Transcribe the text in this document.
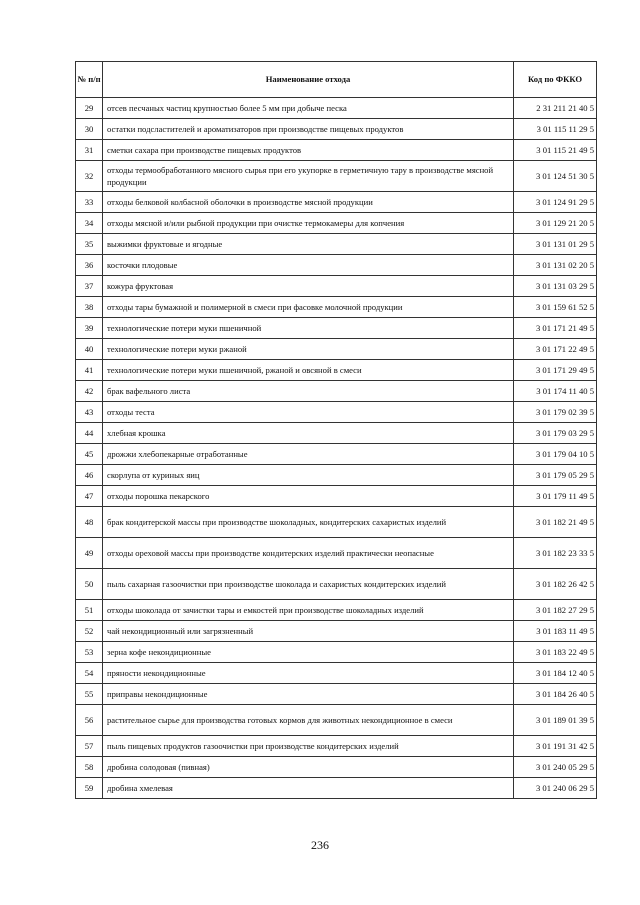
№ п/п	Наименование отхода	Код по ФККО
29	отсев песчаных частиц крупностью более 5 мм при добыче песка	2 31 211 21 40 5
30	остатки подсластителей и ароматизаторов при производстве пищевых продуктов	3 01 115 11 29 5
31	сметки сахара при производстве пищевых продуктов	3 01 115 21 49 5
32	отходы термообработанного мясного сырья при его укупорке в герметичную тару в производстве мясной продукции	3 01 124 51 30 5
33	отходы белковой колбасной оболочки в производстве мясной продукции	3 01 124 91 29 5
34	отходы мясной и/или рыбной продукции при очистке термокамеры для копчения	3 01 129 21 20 5
35	выжимки фруктовые и ягодные	3 01 131 01 29 5
36	косточки плодовые	3 01 131 02 20 5
37	кожура фруктовая	3 01 131 03 29 5
38	отходы тары бумажной и полимерной в смеси при фасовке молочной продукции	3 01 159 61 52 5
39	технологические потери муки пшеничной	3 01 171 21 49 5
40	технологические потери муки ржаной	3 01 171 22 49 5
41	технологические потери муки пшеничной, ржаной и овсяной в смеси	3 01 171 29 49 5
42	брак вафельного листа	3 01 174 11 40 5
43	отходы теста	3 01 179 02 39 5
44	хлебная крошка	3 01 179 03 29 5
45	дрожжи хлебопекарные отработанные	3 01 179 04 10 5
46	скорлупа от куриных яиц	3 01 179 05 29 5
47	отходы порошка пекарского	3 01 179 11 49 5
48	брак кондитерской массы при производстве шоколадных, кондитерских сахаристых изделий	3 01 182 21 49 5
49	отходы ореховой массы при производстве кондитерских изделий практически неопасные	3 01 182 23 33 5
50	пыль сахарная газоочистки при производстве шоколада и сахаристых кондитерских изделий	3 01 182 26 42 5
51	отходы шоколада от зачистки тары и емкостей при производстве шоколадных изделий	3 01 182 27 29 5
52	чай некондиционный или загрязненный	3 01 183 11 49 5
53	зерна кофе некондиционные	3 01 183 22 49 5
54	пряности некондиционные	3 01 184 12 40 5
55	приправы некондиционные	3 01 184 26 40 5
56	растительное сырье для производства готовых кормов для животных некондиционное в смеси	3 01 189 01 39 5
57	пыль пищевых продуктов газоочистки при производстве кондитерских изделий	3 01 191 31 42 5
58	дробина солодовая (пивная)	3 01 240 05 29 5
59	дробина хмелевая	3 01 240 06 29 5
236
